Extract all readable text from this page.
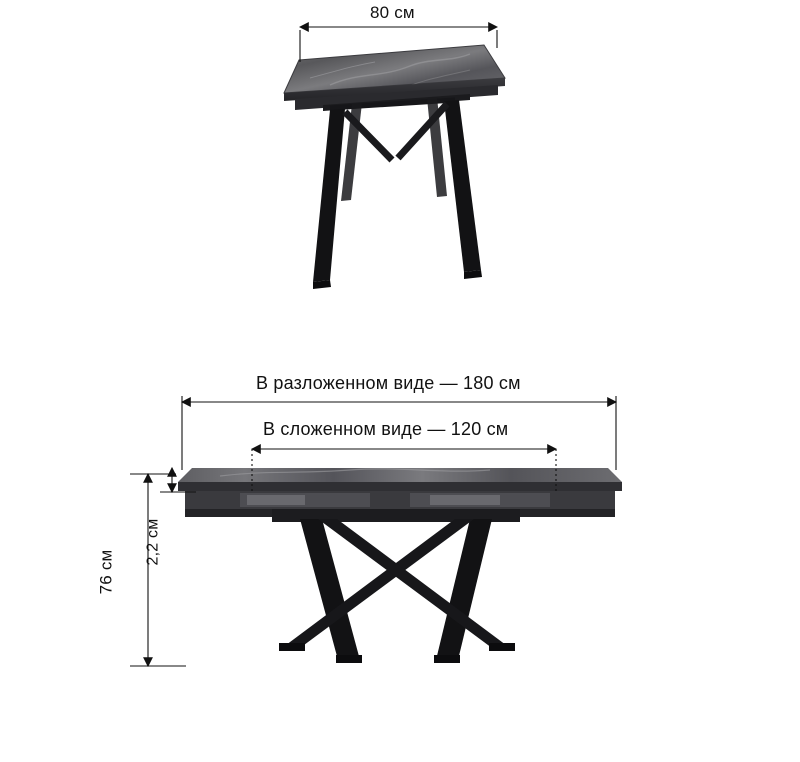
80 см
В разложенном виде — 180 см
В сложенном виде — 120 см
76 см
2,2 см
